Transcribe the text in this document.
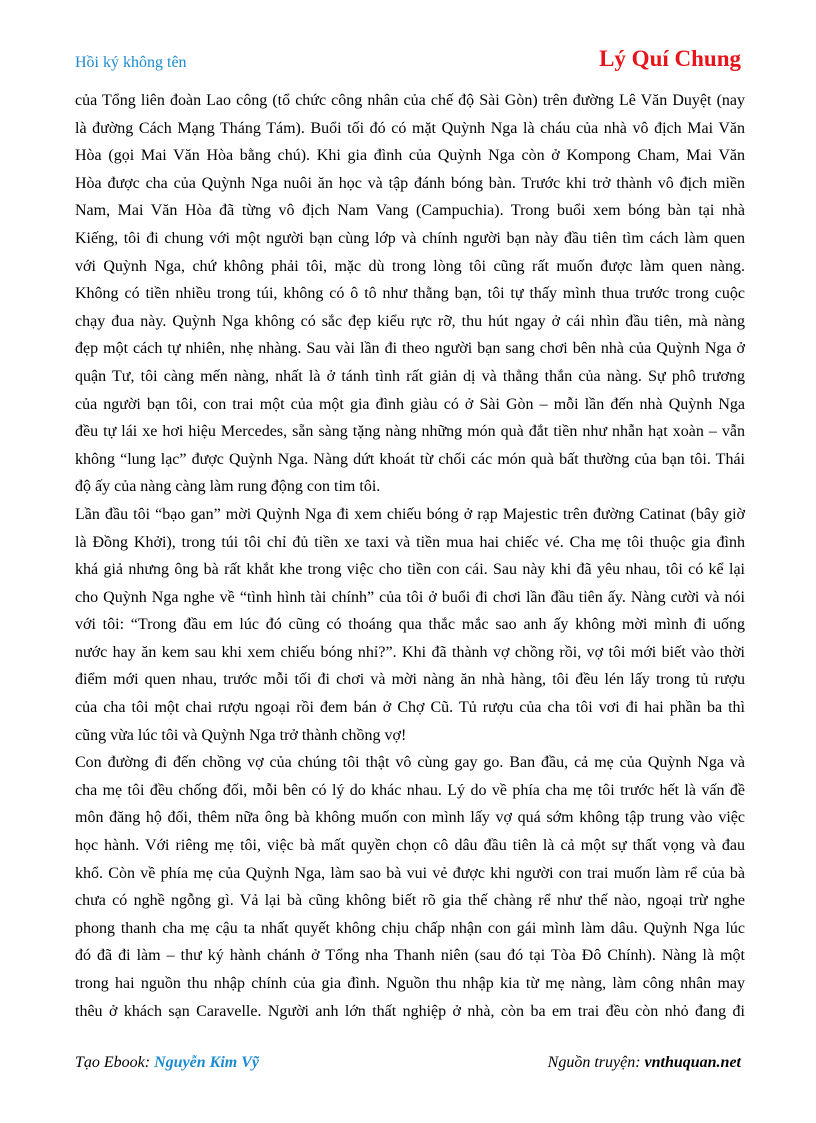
Hồi ký không tên	Lý Quí Chung
của Tổng liên đoàn Lao công (tổ chức công nhân của chế độ Sài Gòn) trên đường Lê Văn Duyệt (nay
là đường Cách Mạng Tháng Tám). Buổi tối đó có mặt Quỳnh Nga là cháu của nhà vô địch Mai Văn
Hòa (gọi Mai Văn Hòa bằng chú). Khi gia đình của Quỳnh Nga còn ở Kompong Cham, Mai Văn
Hòa được cha của Quỳnh Nga nuôi ăn học và tập đánh bóng bàn. Trước khi trở thành vô địch miền
Nam, Mai Văn Hòa đã từng vô địch Nam Vang (Campuchia). Trong buổi xem bóng bàn tại nhà
Kiếng, tôi đi chung với một người bạn cùng lớp và chính người bạn này đầu tiên tìm cách làm quen
với Quỳnh Nga, chứ không phải tôi, mặc dù trong lòng tôi cũng rất muốn được làm quen nàng.
Không có tiền nhiều trong túi, không có ô tô như thằng bạn, tôi tự thấy mình thua trước trong cuộc
chạy đua này. Quỳnh Nga không có sắc đẹp kiểu rực rỡ, thu hút ngay ở cái nhìn đầu tiên, mà nàng
đẹp một cách tự nhiên, nhẹ nhàng. Sau vài lần đi theo người bạn sang chơi bên nhà của Quỳnh Nga ở
quận Tư, tôi càng mến nàng, nhất là ở tánh tình rất giản dị và thẳng thắn của nàng. Sự phô trương
của người bạn tôi, con trai một của một gia đình giàu có ở Sài Gòn – mỗi lần đến nhà Quỳnh Nga
đều tự lái xe hơi hiệu Mercedes, sẵn sàng tặng nàng những món quà đắt tiền như nhẫn hạt xoàn – vẫn
không “lung lạc” được Quỳnh Nga. Nàng dứt khoát từ chối các món quà bất thường của bạn tôi. Thái
độ ấy của nàng càng làm rung động con tim tôi.
Lần đầu tôi “bạo gan” mời Quỳnh Nga đi xem chiếu bóng ở rạp Majestic trên đường Catinat (bây giờ
là Đồng Khởi), trong túi tôi chỉ đủ tiền xe taxi và tiền mua hai chiếc vé. Cha mẹ tôi thuộc gia đình
khá giả nhưng ông bà rất khắt khe trong việc cho tiền con cái. Sau này khi đã yêu nhau, tôi có kể lại
cho Quỳnh Nga nghe về “tình hình tài chính” của tôi ở buổi đi chơi lần đầu tiên ấy. Nàng cười và nói
với tôi: “Trong đầu em lúc đó cũng có thoáng qua thắc mắc sao anh ấy không mời mình đi uống
nước hay ăn kem sau khi xem chiếu bóng nhỉ?”. Khi đã thành vợ chồng rồi, vợ tôi mới biết vào thời
điểm mới quen nhau, trước mỗi tối đi chơi và mời nàng ăn nhà hàng, tôi đều lén lấy trong tủ rượu
của cha tôi một chai rượu ngoại rồi đem bán ở Chợ Cũ. Tủ rượu của cha tôi vơi đi hai phần ba thì
cũng vừa lúc tôi và Quỳnh Nga trở thành chồng vợ!
Con đường đi đến chồng vợ của chúng tôi thật vô cùng gay go. Ban đầu, cả mẹ của Quỳnh Nga và
cha mẹ tôi đều chống đối, mỗi bên có lý do khác nhau. Lý do về phía cha mẹ tôi trước hết là vấn đề
môn đăng hộ đối, thêm nữa ông bà không muốn con mình lấy vợ quá sớm không tập trung vào việc
học hành. Với riêng mẹ tôi, việc bà mất quyền chọn cô dâu đầu tiên là cả một sự thất vọng và đau
khổ. Còn về phía mẹ của Quỳnh Nga, làm sao bà vui vẻ được khi người con trai muốn làm rể của bà
chưa có nghề ngỗng gì. Vả lại bà cũng không biết rõ gia thế chàng rể như thế nào, ngoại trừ nghe
phong thanh cha mẹ cậu ta nhất quyết không chịu chấp nhận con gái mình làm dâu. Quỳnh Nga lúc
đó đã đi làm – thư ký hành chánh ở Tổng nha Thanh niên (sau đó tại Tòa Đô Chính). Nàng là một
trong hai nguồn thu nhập chính của gia đình. Nguồn thu nhập kia từ mẹ nàng, làm công nhân may
thêu ở khách sạn Caravelle. Người anh lớn thất nghiệp ở nhà, còn ba em trai đều còn nhỏ đang đi
Tạo Ebook: Nguyễn Kim Vỹ	Nguồn truyện: vnthuquan.net
